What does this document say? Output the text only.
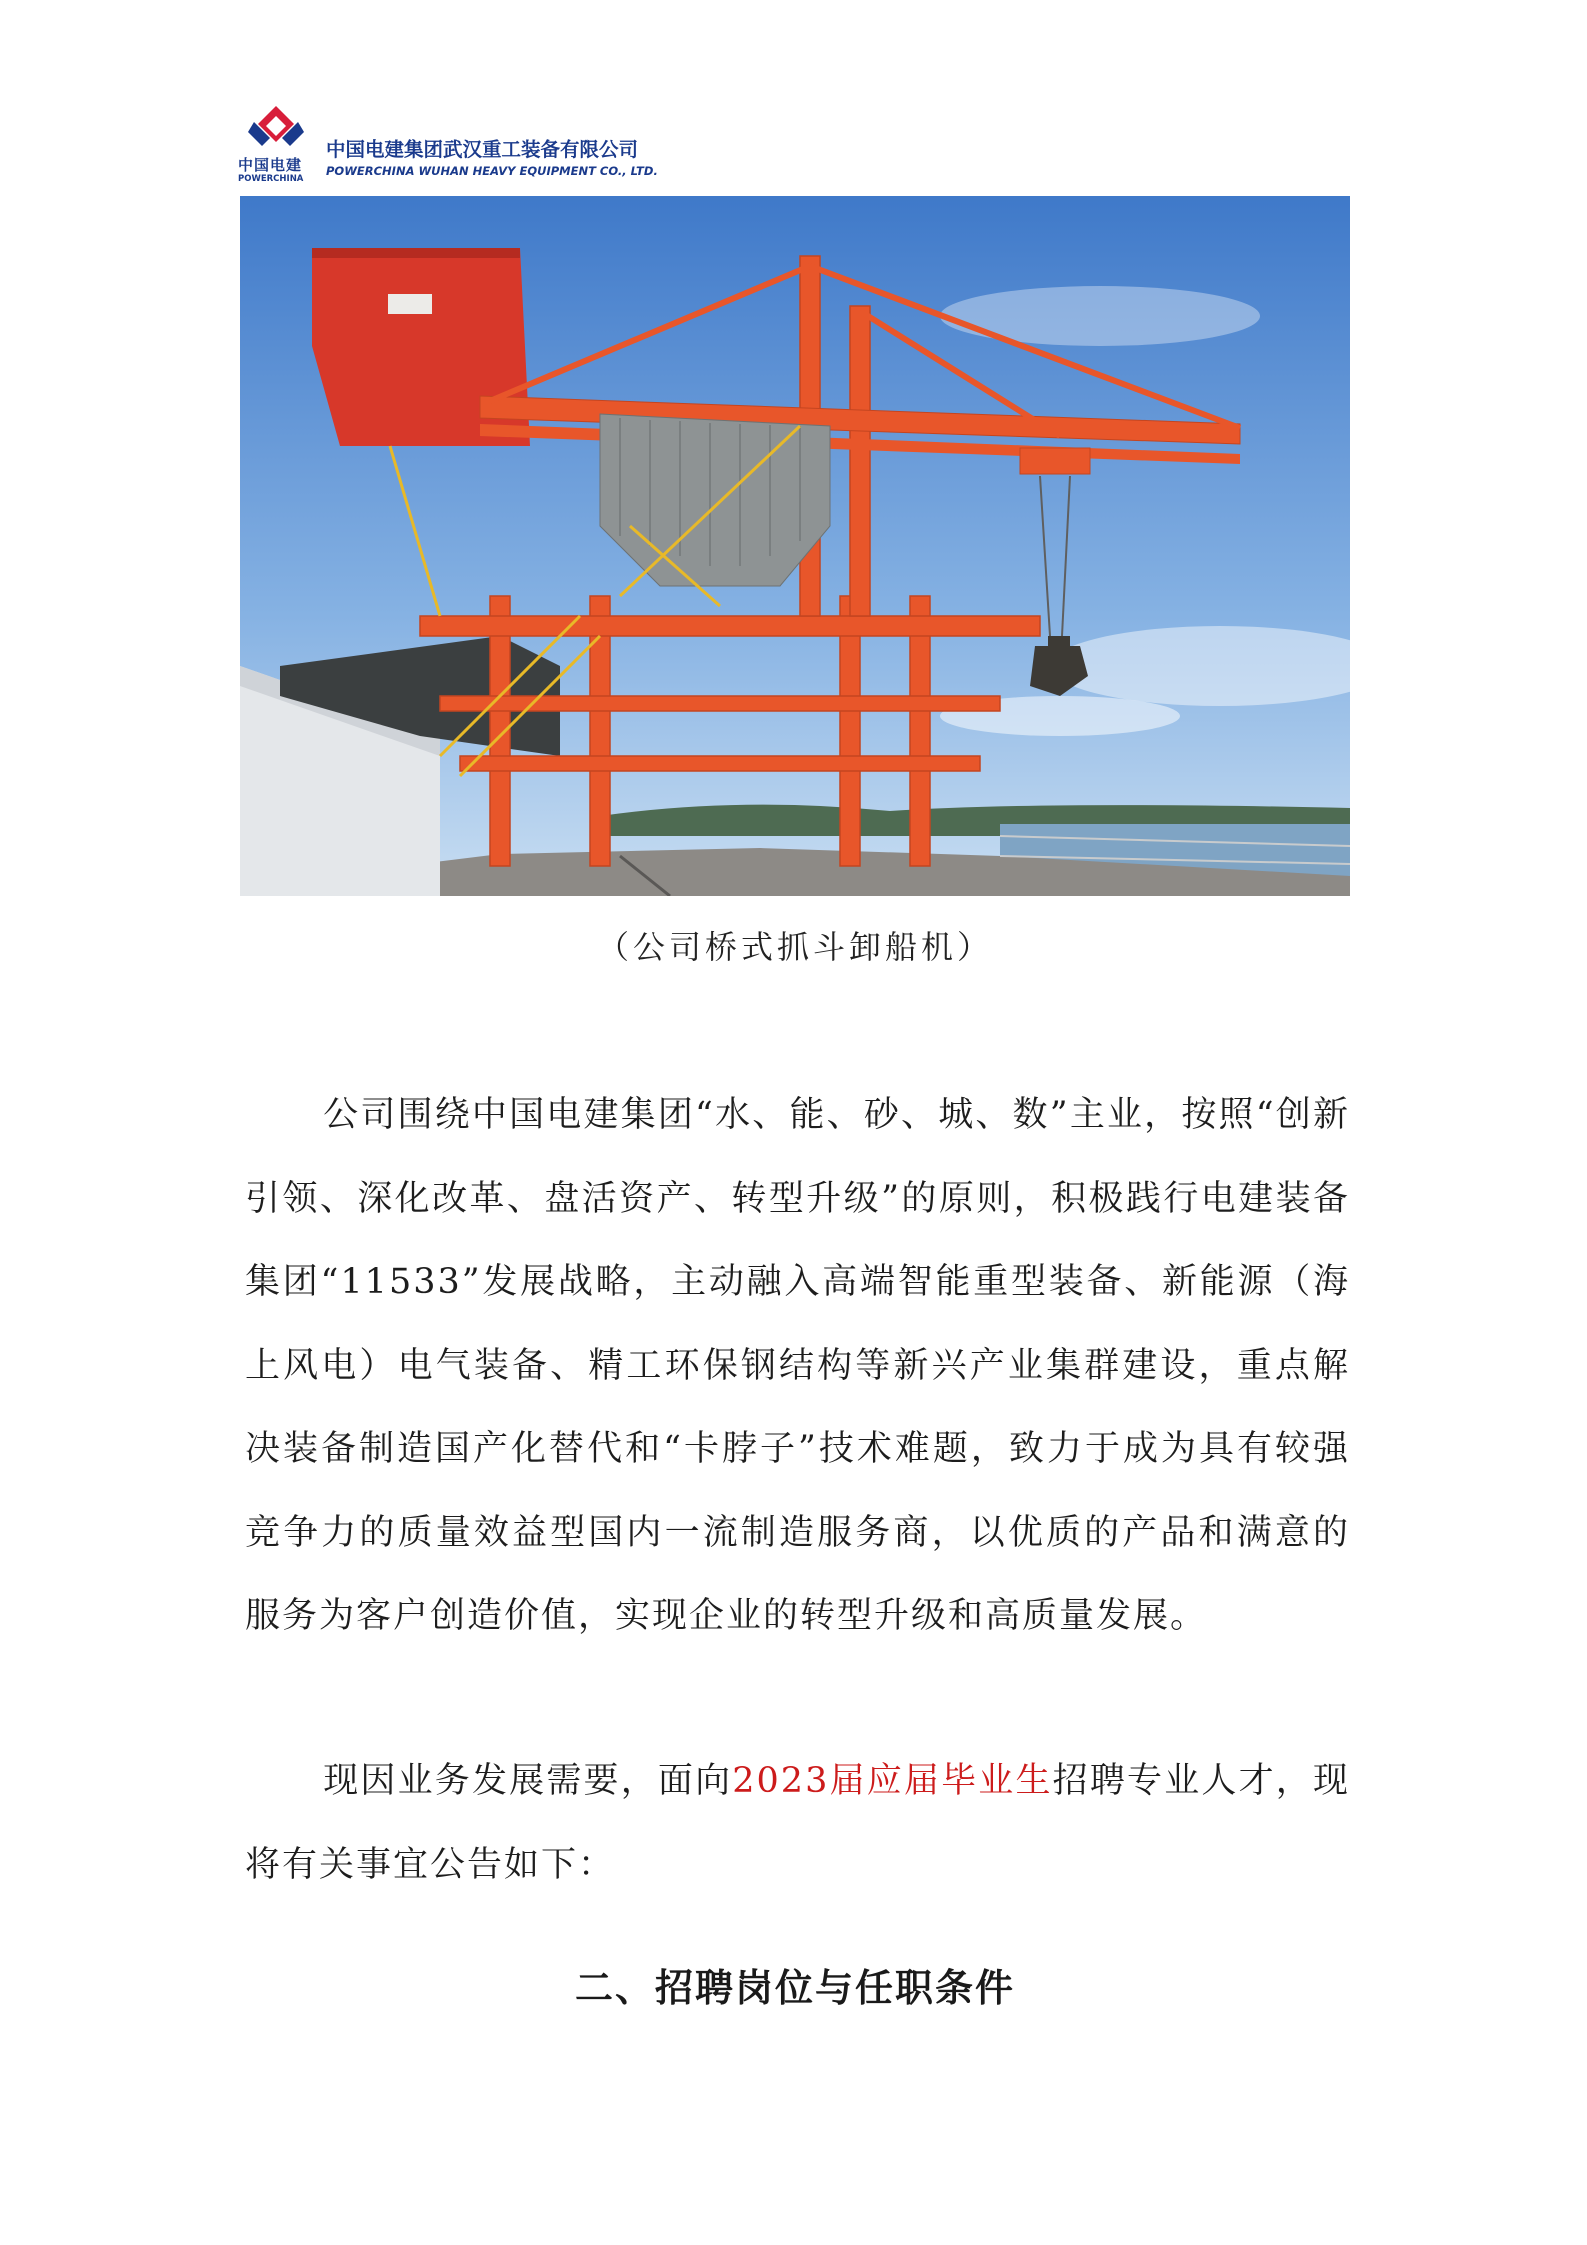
中国电建
POWERCHINA
中国电建集团武汉重工装备有限公司
POWERCHINA WUHAN HEAVY EQUIPMENT CO., LTD.
（公司桥式抓斗卸船机）
公司围绕中国电建集团“水、能、砂、城、数”主业，按照“创新引领、深化改革、盘活资产、转型升级”的原则，积极践行电建装备集团“11533”发展战略，主动融入高端智能重型装备、新能源（海上风电）电气装备、精工环保钢结构等新兴产业集群建设，重点解决装备制造国产化替代和“卡脖子”技术难题，致力于成为具有较强竞争力的质量效益型国内一流制造服务商，以优质的产品和满意的服务为客户创造价值，实现企业的转型升级和高质量发展。
现因业务发展需要，面向2023届应届毕业生招聘专业人才，现将有关事宜公告如下：
二、招聘岗位与任职条件
